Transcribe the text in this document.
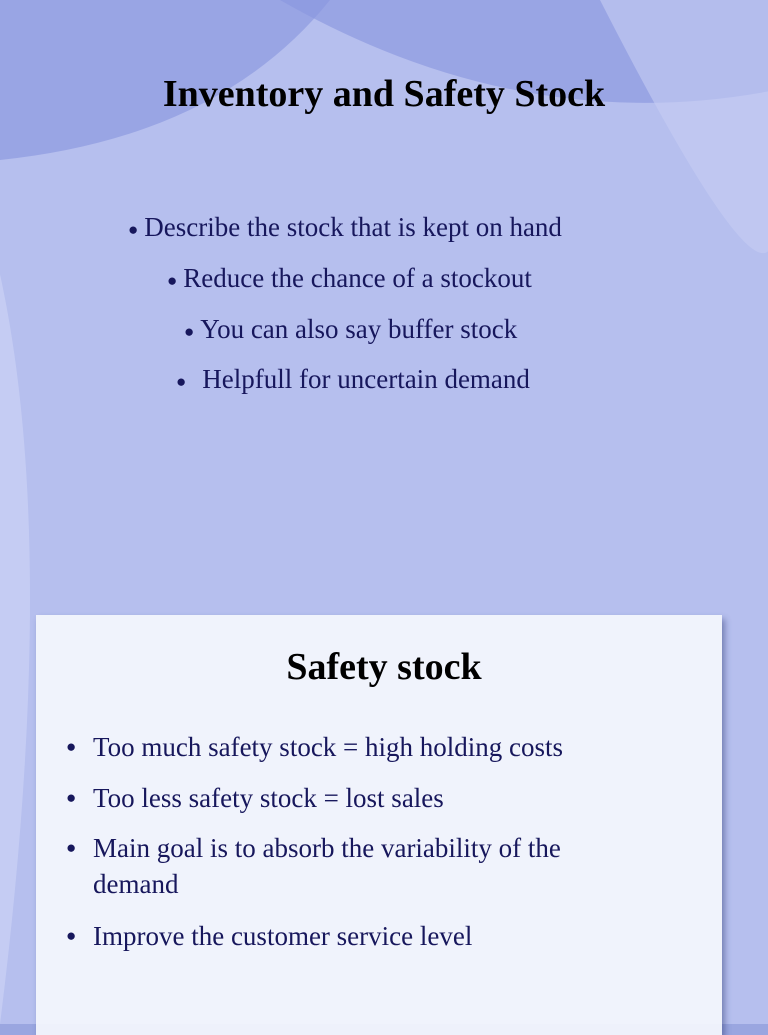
Inventory and Safety Stock
● Describe the stock that is kept on hand
● Reduce the chance of a stockout
● You can also say buffer stock
● Helpfull for uncertain demand
Safety stock
● Too much safety stock = high holding costs
● Too less safety stock = lost sales
● Main goal is to absorb the variability of the demand
● Improve the customer service level
